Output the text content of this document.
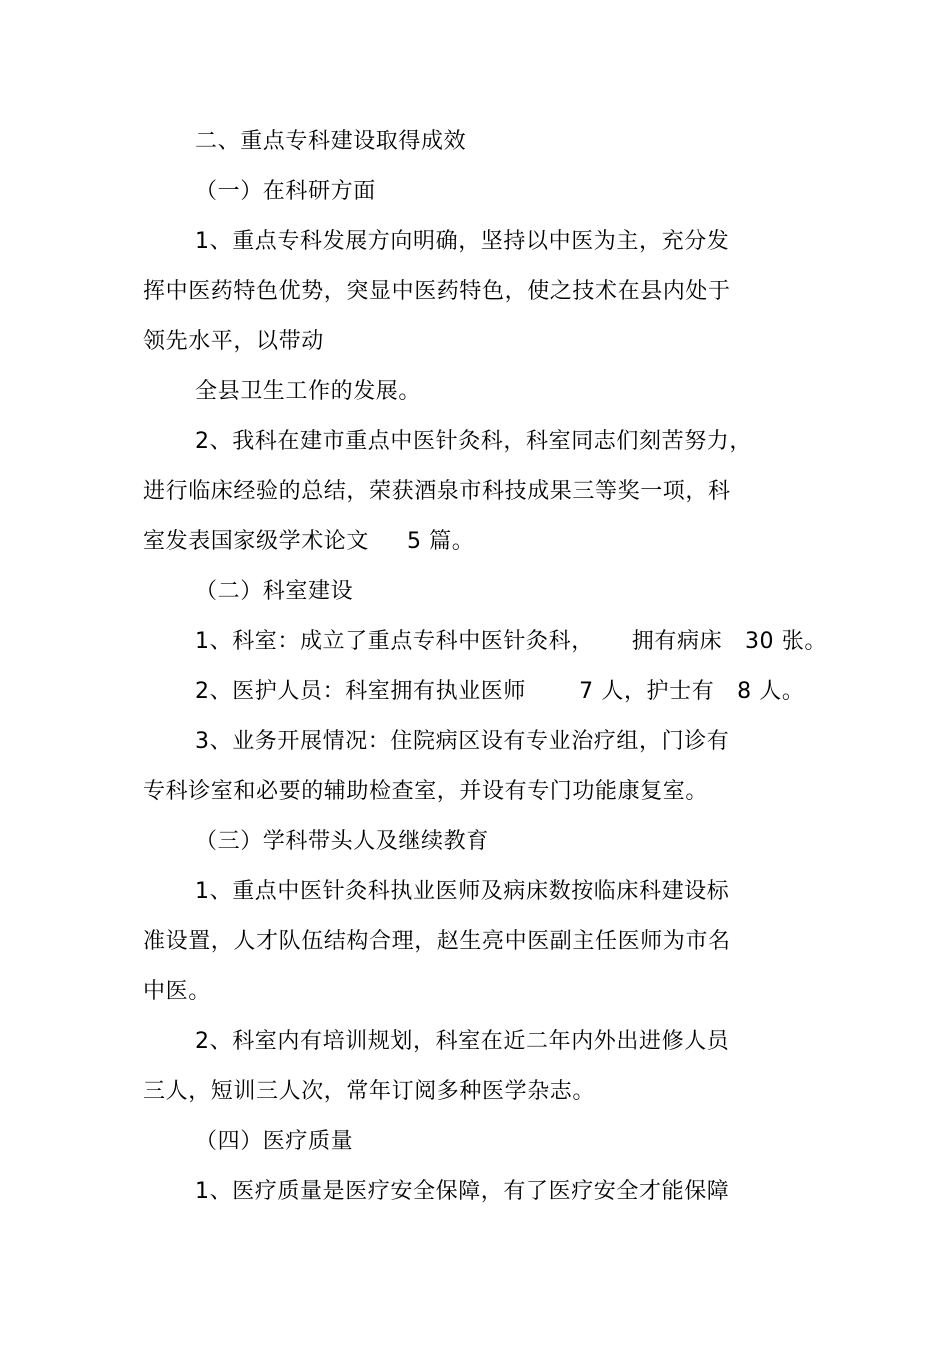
二、重点专科建设取得成效
（一）在科研方面
1、重点专科发展方向明确，坚持以中医为主，充分发
挥中医药特色优势，突显中医药特色，使之技术在县内处于
领先水平，以带动
全县卫生工作的发展。
2、我科在建市重点中医针灸科，科室同志们刻苦努力，
进行临床经验的总结，荣获酒泉市科技成果三等奖一项，科
室发表国家级学术论文     5 篇。
（二）科室建设
1、科室：成立了重点专科中医针灸科，     拥有病床   30 张。
2、医护人员：科室拥有执业医师       7 人，护士有   8 人。
3、业务开展情况：住院病区设有专业治疗组，门诊有
专科诊室和必要的辅助检查室，并设有专门功能康复室。
（三）学科带头人及继续教育
1、重点中医针灸科执业医师及病床数按临床科建设标
准设置，人才队伍结构合理，赵生亮中医副主任医师为市名
中医。
2、科室内有培训规划，科室在近二年内外出进修人员
三人，短训三人次，常年订阅多种医学杂志。
（四）医疗质量
1、医疗质量是医疗安全保障，有了医疗安全才能保障
